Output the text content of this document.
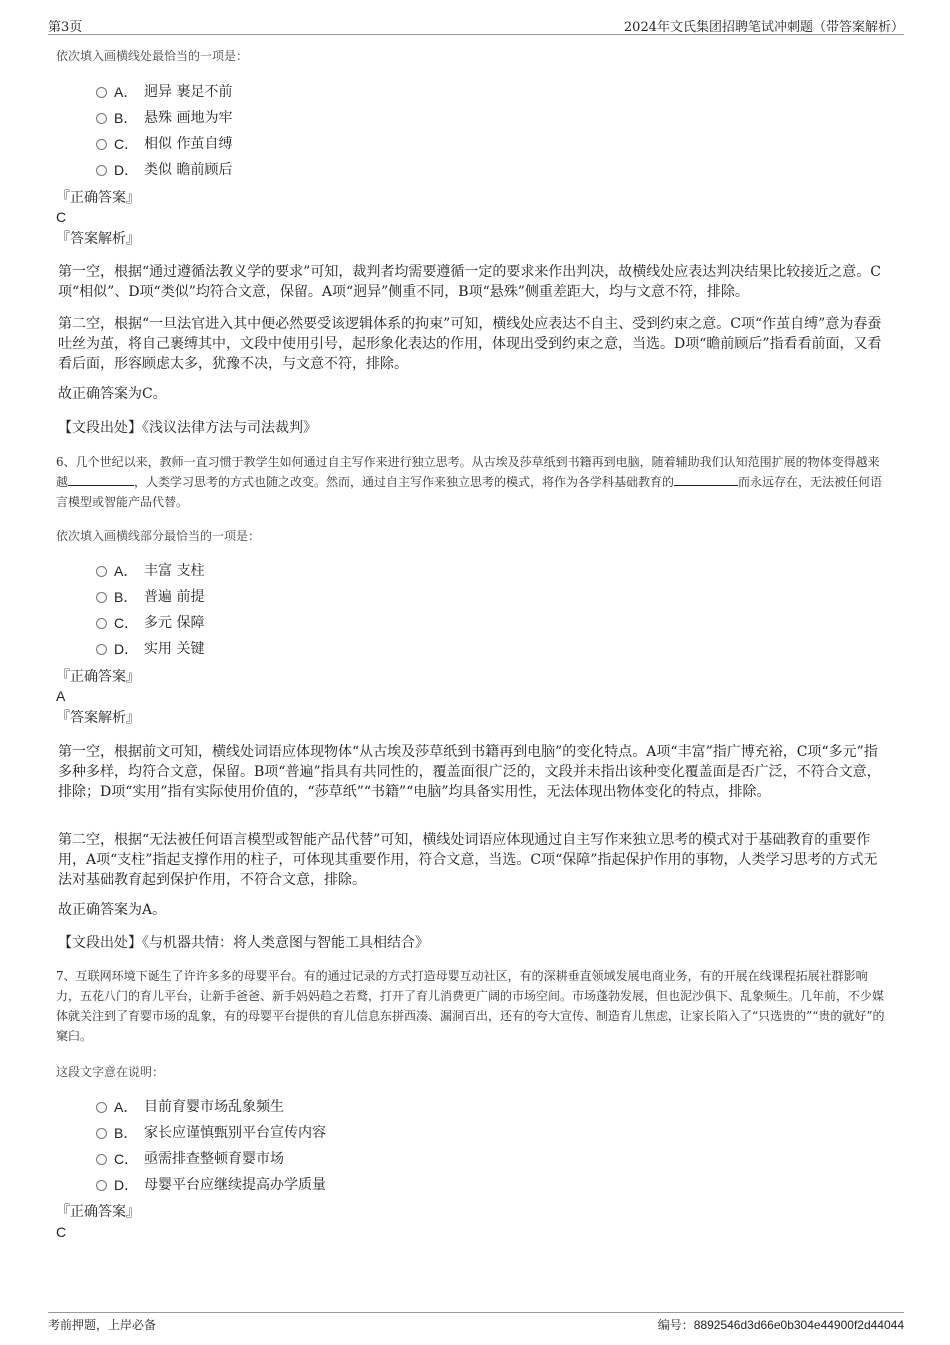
第3页	2024年文氏集团招聘笔试冲刺题（带答案解析）
依次填入画横线处最恰当的一项是：
A． 迥异 裹足不前
B． 悬殊 画地为牢
C． 相似 作茧自缚
D． 类似 瞻前顾后
『正确答案』
C
『答案解析』
第一空，根据“通过遵循法教义学的要求”可知，裁判者均需要遵循一定的要求来作出判决，故横线处应表达判决结果比较接近之意。C项“相似”、D项“类似”均符合文意，保留。A项“迥异”侧重不同，B项“悬殊”侧重差距大，均与文意不符，排除。
第二空，根据“一旦法官进入其中便必然要受该逻辑体系的拘束”可知，横线处应表达不自主、受到约束之意。C项“作茧自缚”意为春蚕吐丝为茧，将自己裹缚其中，文段中使用引号，起形象化表达的作用，体现出受到约束之意，当选。D项“瞻前顾后”指看看前面，又看看后面，形容顾虑太多，犹豫不决，与文意不符，排除。
故正确答案为C。
【文段出处】《浅议法律方法与司法裁判》
6、几个世纪以来，教师一直习惯于教学生如何通过自主写作来进行独立思考。从古埃及莎草纸到书籍再到电脑，随着辅助我们认知范围扩展的物体变得越来越	，人类学习思考的方式也随之改变。然而，通过自主写作来独立思考的模式，将作为各学科基础教育的	而永远存在，无法被任何语言模型或智能产品代替。
依次填入画横线部分最恰当的一项是：
A． 丰富 支柱
B． 普遍 前提
C． 多元 保障
D． 实用 关键
『正确答案』
A
『答案解析』
第一空，根据前文可知，横线处词语应体现物体“从古埃及莎草纸到书籍再到电脑”的变化特点。A项“丰富”指广博充裕，C项“多元”指多种多样，均符合文意，保留。B项“普遍”指具有共同性的，覆盖面很广泛的，文段并未指出该种变化覆盖面是否广泛，不符合文意，排除；D项“实用”指有实际使用价值的，“莎草纸”“书籍”“电脑”均具备实用性，无法体现出物体变化的特点，排除。
第二空，根据“无法被任何语言模型或智能产品代替”可知，横线处词语应体现通过自主写作来独立思考的模式对于基础教育的重要作用，A项“支柱”指起支撑作用的柱子，可体现其重要作用，符合文意，当选。C项“保障”指起保护作用的事物，人类学习思考的方式无法对基础教育起到保护作用，不符合文意，排除。
故正确答案为A。
【文段出处】《与机器共情：将人类意图与智能工具相结合》
7、互联网环境下诞生了许许多多的母婴平台。有的通过记录的方式打造母婴互动社区，有的深耕垂直领域发展电商业务，有的开展在线课程拓展社群影响力，五花八门的育儿平台，让新手爸爸、新手妈妈趋之若鹜，打开了育儿消费更广阔的市场空间。市场蓬勃发展，但也泥沙俱下、乱象频生。几年前，不少媒体就关注到了育婴市场的乱象，有的母婴平台提供的育儿信息东拼西凑、漏洞百出，还有的夸大宣传、制造育儿焦虑，让家长陷入了“只选贵的”“贵的就好”的窠臼。
这段文字意在说明：
A． 目前育婴市场乱象频生
B． 家长应谨慎甄别平台宣传内容
C． 亟需排查整顿育婴市场
D． 母婴平台应继续提高办学质量
『正确答案』
C
考前押题，上岸必备	编号：8892546d3d66e0b304e44900f2d44044
